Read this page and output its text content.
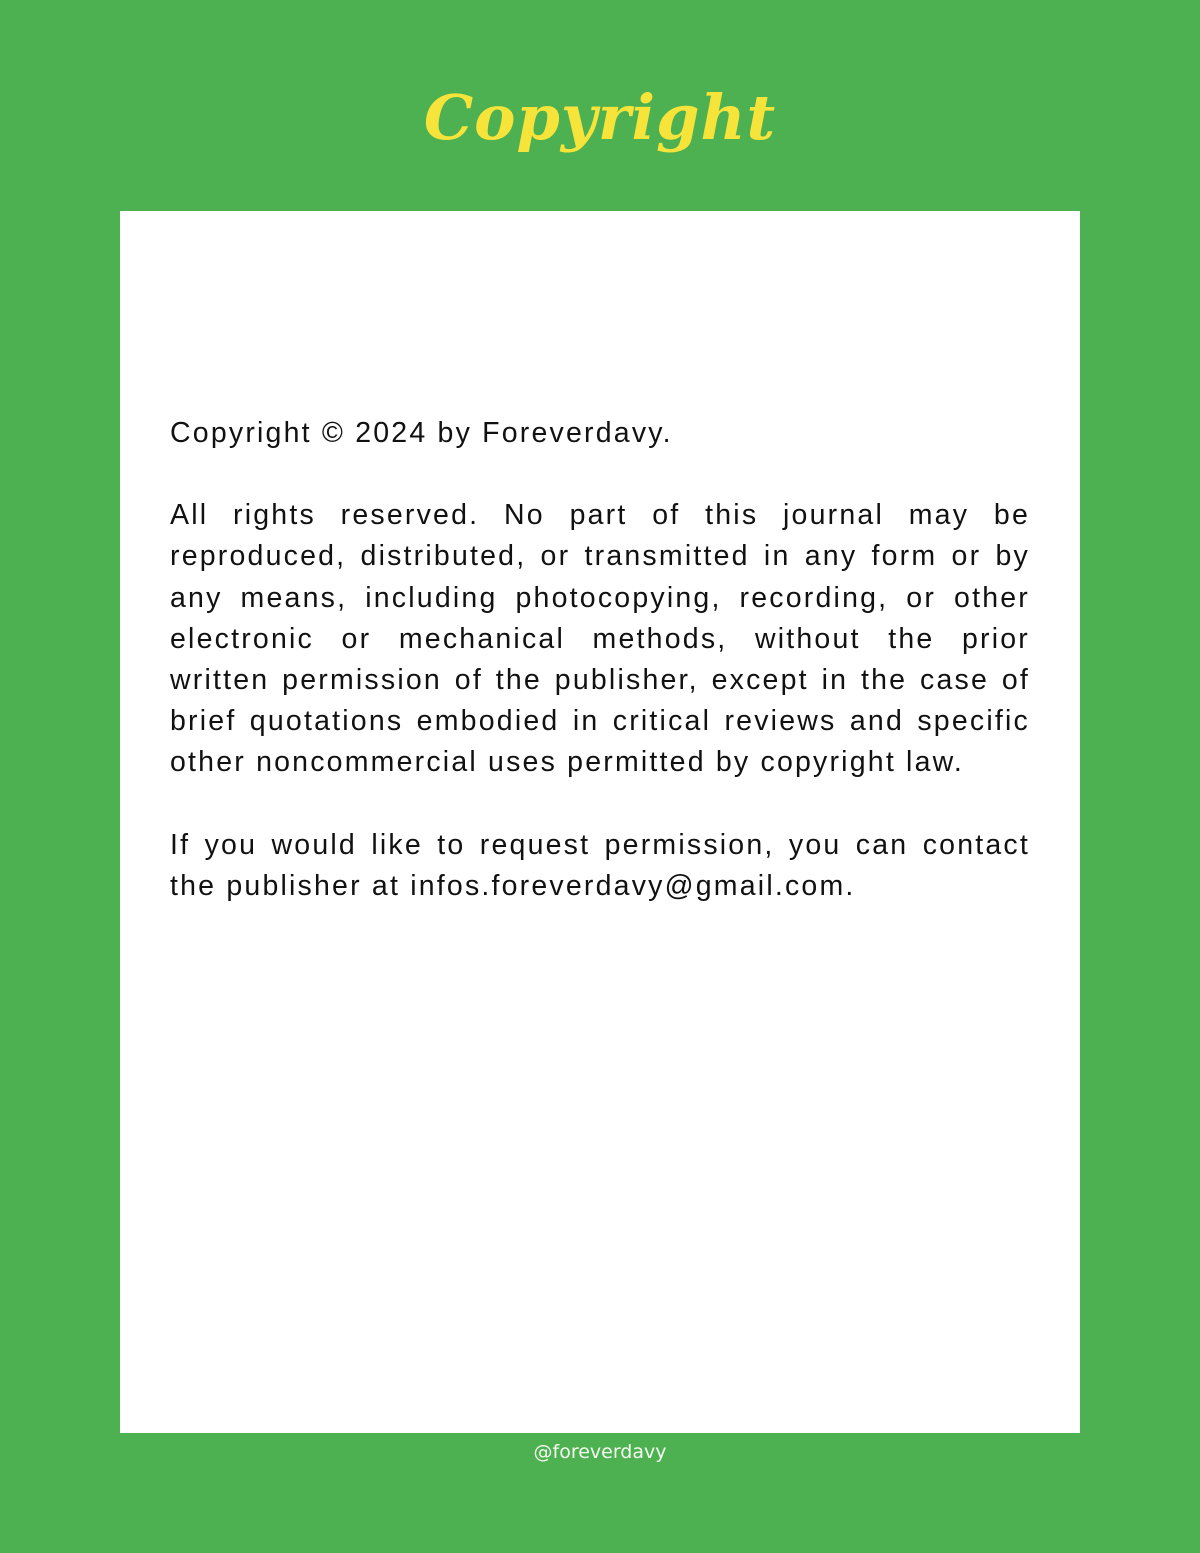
Copyright

Copyright © 2024 by Foreverdavy.

All rights reserved. No part of this journal may be reproduced, distributed, or transmitted in any form or by any means, including photocopying, recording, or other electronic or mechanical methods, without the prior written permission of the publisher, except in the case of brief quotations embodied in critical reviews and specific other noncommercial uses permitted by copyright law.

If you would like to request permission, you can contact the publisher at infos.foreverdavy@gmail.com.

@foreverdavy
